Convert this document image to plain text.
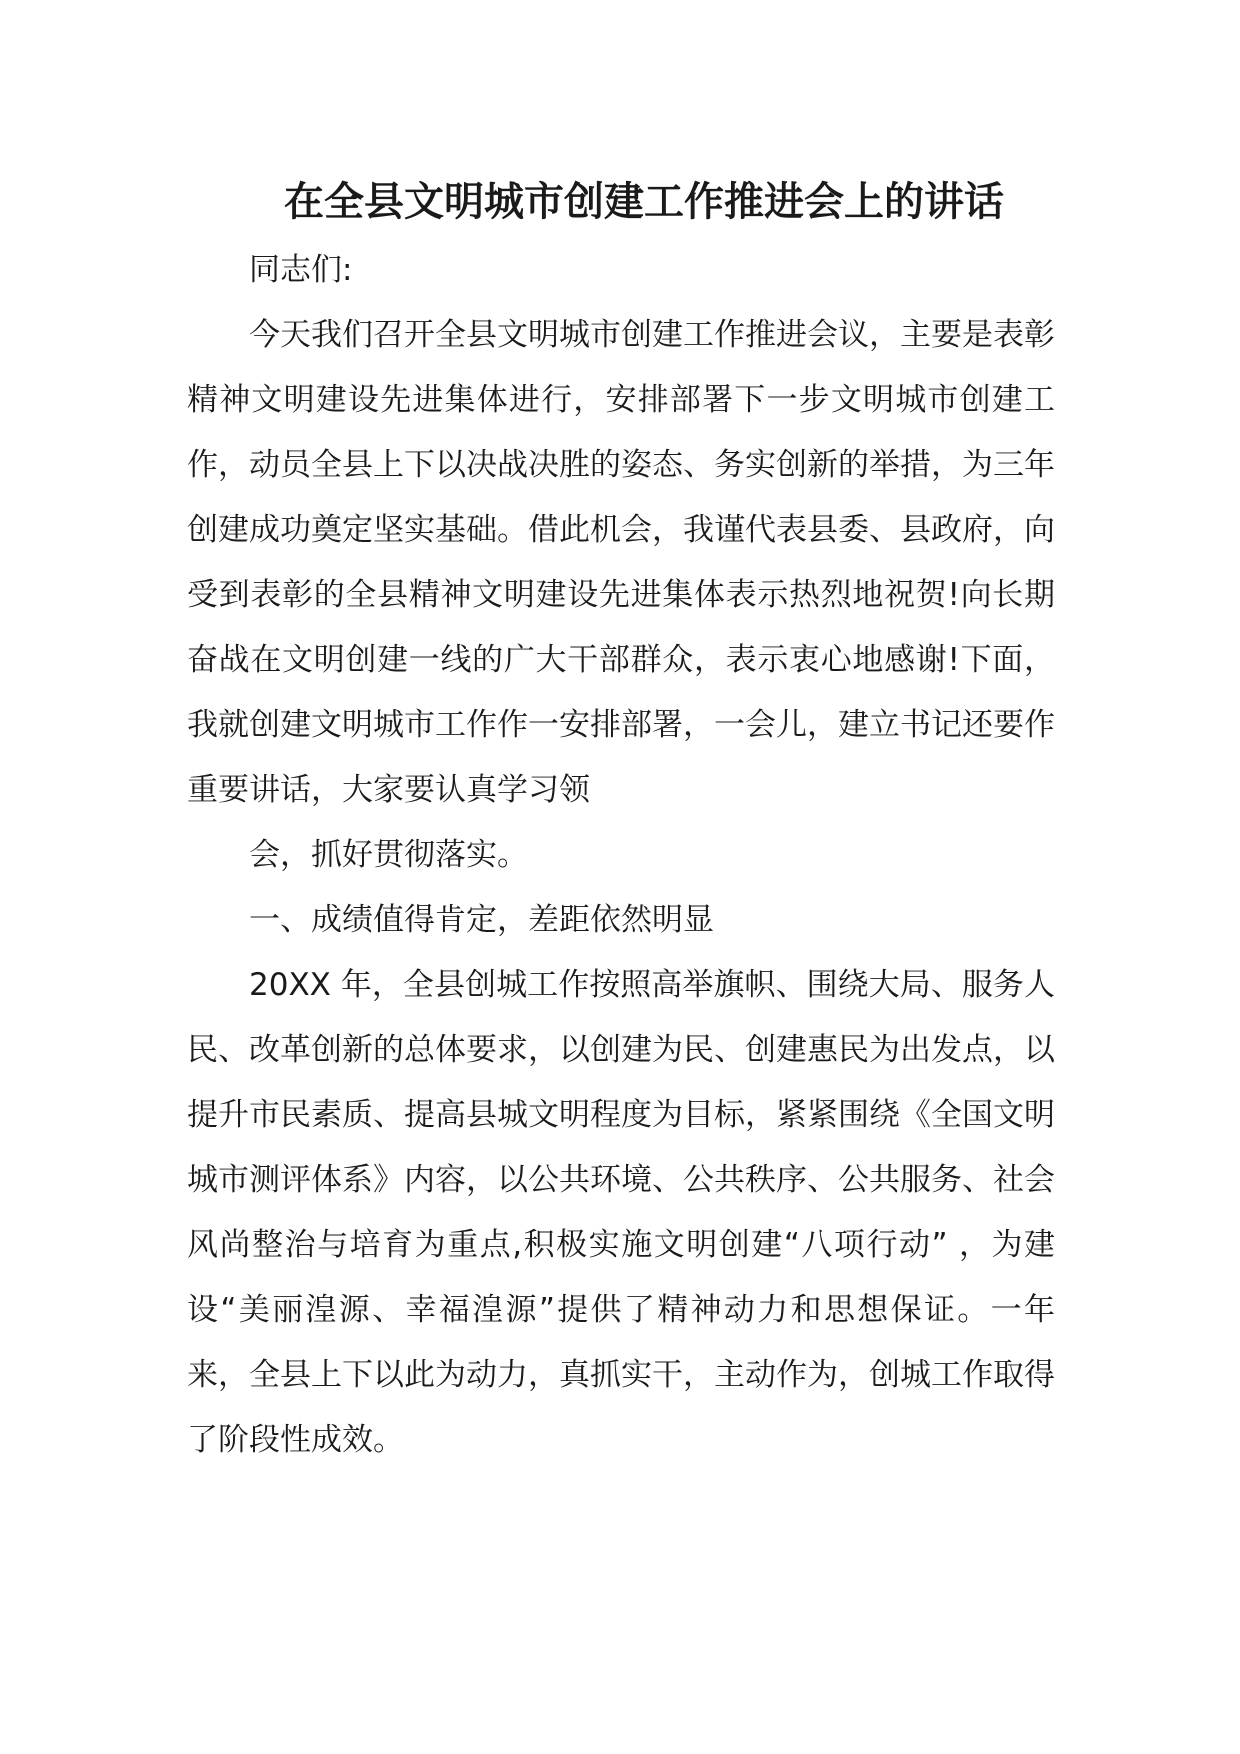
在全县文明城市创建工作推进会上的讲话

同志们:

今天我们召开全县文明城市创建工作推进会议，主要是表彰精神文明建设先进集体进行，安排部署下一步文明城市创建工作，动员全县上下以决战决胜的姿态、务实创新的举措，为三年创建成功奠定坚实基础。借此机会，我谨代表县委、县政府，向受到表彰的全县精神文明建设先进集体表示热烈地祝贺!向长期奋战在文明创建一线的广大干部群众，表示衷心地感谢!下面，我就创建文明城市工作作一安排部署，一会儿，建立书记还要作重要讲话，大家要认真学习领

会，抓好贯彻落实。

一、成绩值得肯定，差距依然明显

20XX 年，全县创城工作按照高举旗帜、围绕大局、服务人民、改革创新的总体要求，以创建为民、创建惠民为出发点，以提升市民素质、提高县城文明程度为目标，紧紧围绕《全国文明城市测评体系》内容，以公共环境、公共秩序、公共服务、社会风尚整治与培育为重点,积极实施文明创建“八项行动” ，为建设“美丽湟源、幸福湟源”提供了精神动力和思想保证。一年来，全县上下以此为动力，真抓实干，主动作为，创城工作取得了阶段性成效。
